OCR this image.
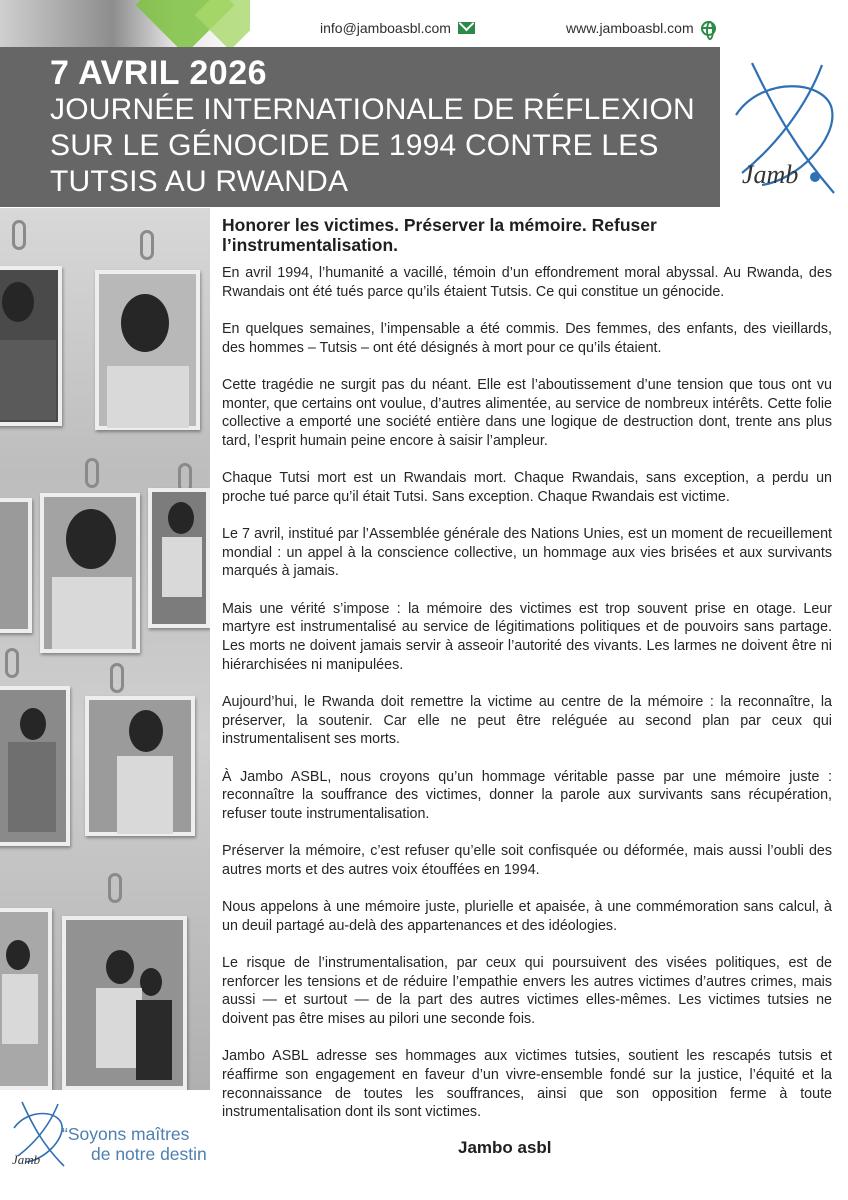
info@jamboasbl.com	www.jamboasbl.com
7 AVRIL 2026
JOURNÉE INTERNATIONALE DE RÉFLEXION
SUR LE GÉNOCIDE DE 1994 CONTRE LES
TUTSIS AU RWANDA	Jamb
Honorer les victimes. Préserver la mémoire. Refuser l’instrumentalisation.

En avril 1994, l’humanité a vacillé, témoin d’un effondrement moral abyssal. Au Rwanda, des Rwandais ont été tués parce qu’ils étaient Tutsis. Ce qui constitue un génocide.

En quelques semaines, l’impensable a été commis. Des femmes, des enfants, des vieillards, des hommes – Tutsis – ont été désignés à mort pour ce qu’ils étaient.

Cette tragédie ne surgit pas du néant. Elle est l’aboutissement d’une tension que tous ont vu monter, que certains ont voulue, d’autres alimentée, au service de nombreux intérêts. Cette folie collective a emporté une société entière dans une logique de destruction dont, trente ans plus tard, l’esprit humain peine encore à saisir l’ampleur.

Chaque Tutsi mort est un Rwandais mort. Chaque Rwandais, sans exception, a perdu un proche tué parce qu’il était Tutsi. Sans exception. Chaque Rwandais est victime.

Le 7 avril, institué par l’Assemblée générale des Nations Unies, est un moment de recueillement mondial : un appel à la conscience collective, un hommage aux vies brisées et aux survivants marqués à jamais.

Mais une vérité s’impose : la mémoire des victimes est trop souvent prise en otage. Leur martyre est instrumentalisé au service de légitimations politiques et de pouvoirs sans partage. Les morts ne doivent jamais servir à asseoir l’autorité des vivants. Les larmes ne doivent être ni hiérarchisées ni manipulées.

Aujourd’hui, le Rwanda doit remettre la victime au centre de la mémoire : la reconnaître, la préserver, la soutenir. Car elle ne peut être reléguée au second plan par ceux qui instrumentalisent ses morts.

À Jambo ASBL, nous croyons qu’un hommage véritable passe par une mémoire juste : reconnaître la souffrance des victimes, donner la parole aux survivants sans récupération, refuser toute instrumentalisation.

Préserver la mémoire, c’est refuser qu’elle soit confisquée ou déformée, mais aussi l’oubli des autres morts et des autres voix étouffées en 1994.

Nous appelons à une mémoire juste, plurielle et apaisée, à une commémoration sans calcul, à un deuil partagé au-delà des appartenances et des idéologies.

Le risque de l’instrumentalisation, par ceux qui poursuivent des visées politiques, est de renforcer les tensions et de réduire l’empathie envers les autres victimes d’autres crimes, mais aussi — et surtout — de la part des autres victimes elles-mêmes. Les victimes tutsies ne doivent pas être mises au pilori une seconde fois.

Jambo ASBL adresse ses hommages aux victimes tutsies, soutient les rescapés tutsis et réaffirme son engagement en faveur d’un vivre-ensemble fondé sur la justice, l’équité et la reconnaissance de toutes les souffrances, ainsi que son opposition ferme à toute instrumentalisation dont ils sont victimes.

Jambo asbl
Jamb
“Soyons maîtres
de notre destin
